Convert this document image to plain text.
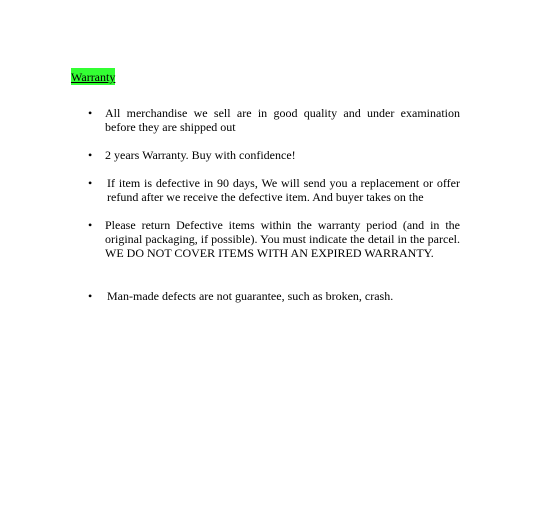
Warranty
•	All merchandise we sell are in good quality and under examination before they are shipped out
•	2 years Warranty. Buy with confidence!
•	If item is defective in 90 days, We will send you a replacement or offer refund after we receive the defective item. And buyer takes on the
•	Please return Defective items within the warranty period (and in the original packaging, if possible). You must indicate the detail in the parcel. WE DO NOT COVER ITEMS WITH AN EXPIRED WARRANTY.
•	Man-made defects are not guarantee, such as broken, crash.
